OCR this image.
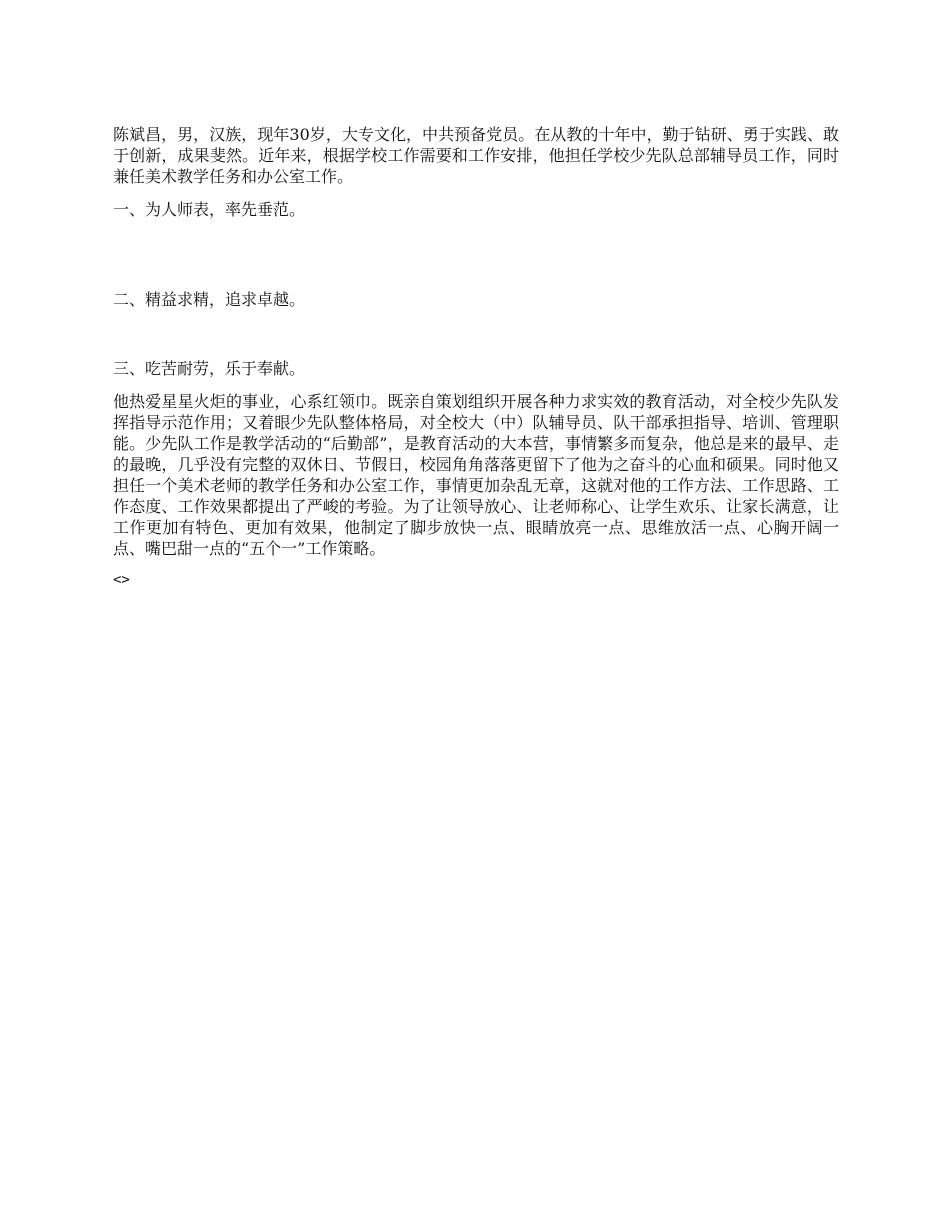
陈斌昌，男，汉族，现年30岁，大专文化，中共预备党员。在从教的十年中，勤于钻研、勇于实践、敢于创新，成果斐然。近年来，根据学校工作需要和工作安排，他担任学校少先队总部辅导员工作，同时兼任美术教学任务和办公室工作。

一、为人师表，率先垂范。

二、精益求精，追求卓越。

三、吃苦耐劳，乐于奉献。

他热爱星星火炬的事业，心系红领巾。既亲自策划组织开展各种力求实效的教育活动，对全校少先队发挥指导示范作用；又着眼少先队整体格局，对全校大（中）队辅导员、队干部承担指导、培训、管理职能。少先队工作是教学活动的“后勤部”，是教育活动的大本营，事情繁多而复杂，他总是来的最早、走的最晚，几乎没有完整的双休日、节假日，校园角角落落更留下了他为之奋斗的心血和硕果。同时他又担任一个美术老师的教学任务和办公室工作，事情更加杂乱无章，这就对他的工作方法、工作思路、工作态度、工作效果都提出了严峻的考验。为了让领导放心、让老师称心、让学生欢乐、让家长满意，让工作更加有特色、更加有效果，他制定了脚步放快一点、眼睛放亮一点、思维放活一点、心胸开阔一点、嘴巴甜一点的“五个一”工作策略。

<>
